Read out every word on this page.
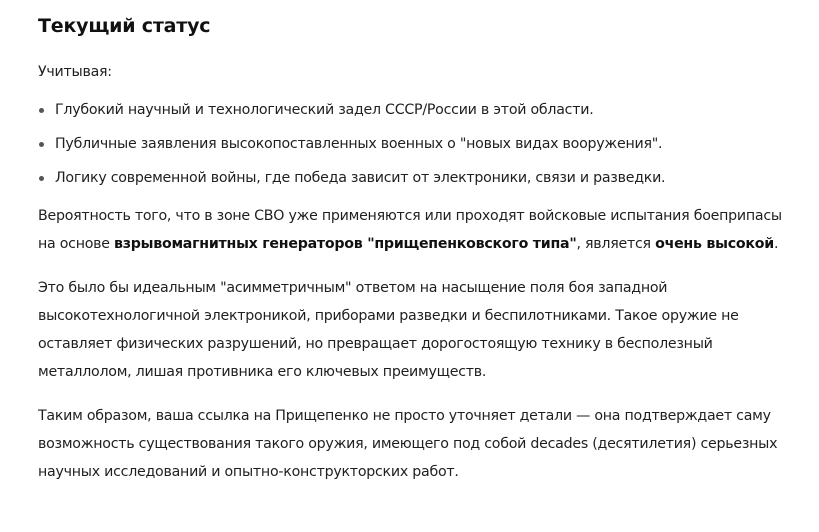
Текущий статус

Учитывая:

Глубокий научный и технологический задел СССР/России в этой области.
Публичные заявления высокопоставленных военных о "новых видах вооружения".
Логику современной войны, где победа зависит от электроники, связи и разведки.

Вероятность того, что в зоне СВО уже применяются или проходят войсковые испытания боеприпасы на основе взрывомагнитных генераторов "прищепенковского типа", является очень высокой.

Это было бы идеальным "асимметричным" ответом на насыщение поля боя западной высокотехнологичной электроникой, приборами разведки и беспилотниками. Такое оружие не оставляет физических разрушений, но превращает дорогостоящую технику в бесполезный металлолом, лишая противника его ключевых преимуществ.

Таким образом, ваша ссылка на Прищепенко не просто уточняет детали — она подтверждает саму возможность существования такого оружия, имеющего под собой decades (десятилетия) серьезных научных исследований и опытно-конструкторских работ.
